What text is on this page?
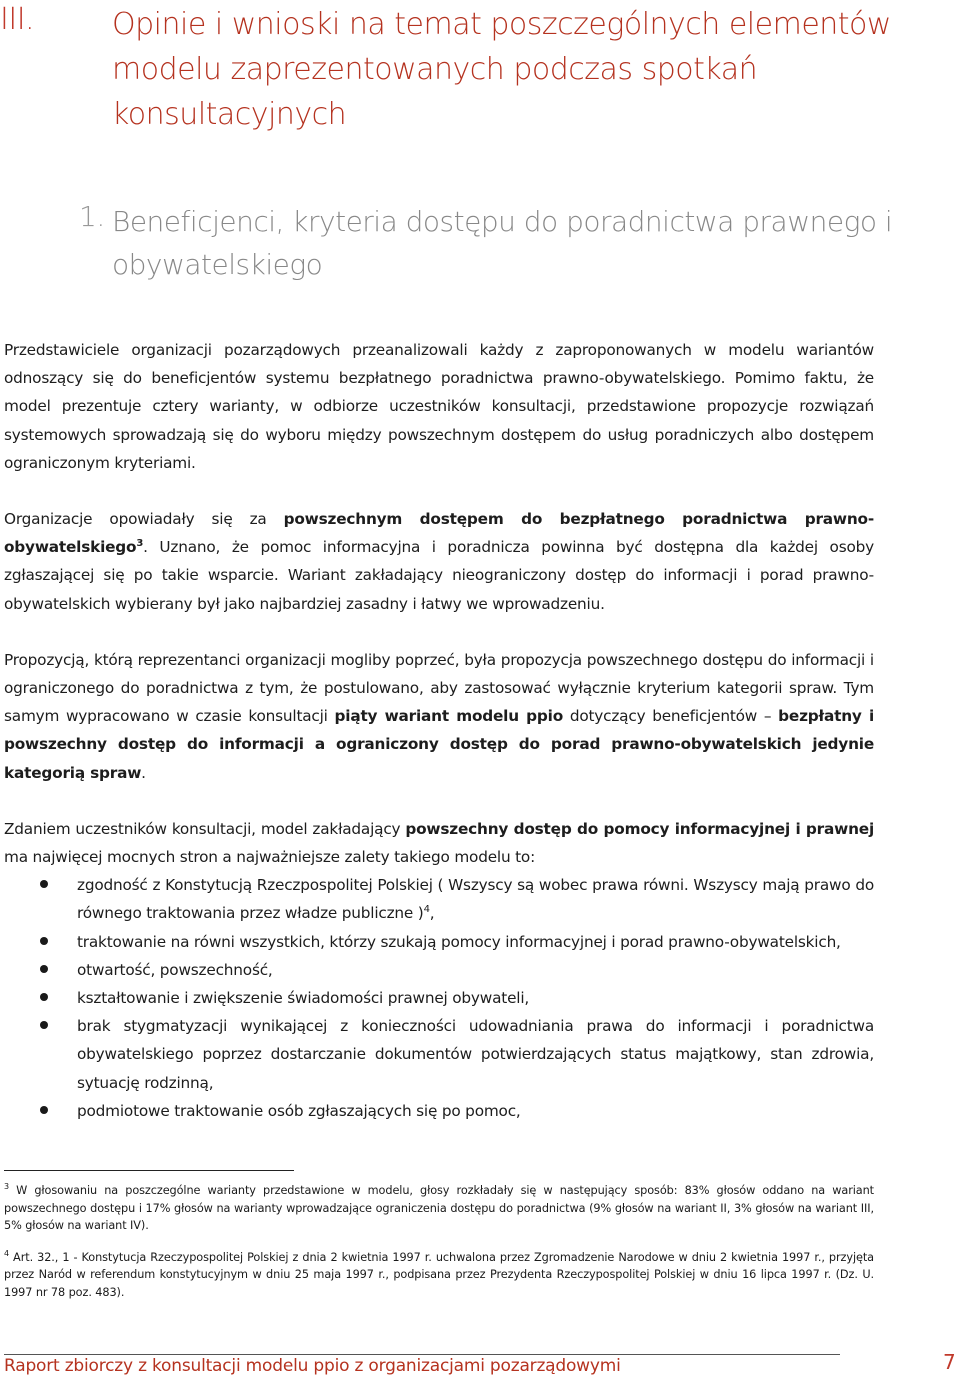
III.	Opinie i wnioski na temat poszczególnych elementów modelu zaprezentowanych podczas spotkań konsultacyjnych
1. Beneficjenci, kryteria dostępu do poradnictwa prawnego i obywatelskiego

Przedstawiciele organizacji pozarządowych przeanalizowali każdy z zaproponowanych w modelu wariantów odnoszący się do beneficjentów systemu bezpłatnego poradnictwa prawno-obywatelskiego. Pomimo faktu, że model prezentuje cztery warianty, w odbiorze uczestników konsultacji, przedstawione propozycje rozwiązań systemowych sprowadzają się do wyboru między powszechnym dostępem do usług poradniczych albo dostępem ograniczonym kryteriami.

Organizacje opowiadały się za powszechnym dostępem do bezpłatnego poradnictwa prawno-obywatelskiego$^3$. Uznano, że pomoc informacyjna i poradnicza powinna być dostępna dla każdej osoby zgłaszającej się po takie wsparcie. Wariant zakładający nieograniczony dostęp do informacji i porad prawno-obywatelskich wybierany był jako najbardziej zasadny i łatwy we wprowadzeniu.

Propozycją, którą reprezentanci organizacji mogliby poprzeć, była propozycja powszechnego dostępu do informacji i ograniczonego do poradnictwa z tym, że postulowano, aby zastosować wyłącznie kryterium kategorii spraw. Tym samym wypracowano w czasie konsultacji piąty wariant modelu ppio dotyczący beneficjentów – bezpłatny i powszechny dostęp do informacji a ograniczony dostęp do porad prawno-obywatelskich jedynie kategorią spraw.

Zdaniem uczestników konsultacji, model zakładający powszechny dostęp do pomocy informacyjnej i prawnej ma najwięcej mocnych stron a najważniejsze zalety takiego modelu to:

zgodność z Konstytucją Rzeczpospolitej Polskiej ( Wszyscy są wobec prawa równi. Wszyscy mają prawo do równego traktowania przez władze publiczne )$^4$,
traktowanie na równi wszystkich, którzy szukają pomocy informacyjnej i porad prawno-obywatelskich,
otwartość, powszechność,
kształtowanie i zwiększenie świadomości prawnej obywateli,
brak stygmatyzacji wynikającej z konieczności udowadniania prawa do informacji i poradnictwa obywatelskiego poprzez dostarczanie dokumentów potwierdzających status majątkowy, stan zdrowia, sytuację rodzinną,
podmiotowe traktowanie osób zgłaszających się po pomoc,

$^3$ W głosowaniu na poszczególne warianty przedstawione w modelu, głosy rozkładały się w następujący sposób: 83% głosów oddano na wariant powszechnego dostępu i 17% głosów na warianty wprowadzające ograniczenia dostępu do poradnictwa (9% głosów na wariant II, 3% głosów na wariant III, 5% głosów na wariant IV).

$^4$ Art. 32., 1 - Konstytucja Rzeczypospolitej Polskiej z dnia 2 kwietnia 1997 r. uchwalona przez Zgromadzenie Narodowe w dniu 2 kwietnia 1997 r., przyjęta przez Naród w referendum konstytucyjnym w dniu 25 maja 1997 r., podpisana przez Prezydenta Rzeczypospolitej Polskiej w dniu 16 lipca 1997 r. (Dz. U. 1997 nr 78 poz. 483).

Raport zbiorczy z konsultacji modelu ppio z organizacjami pozarządowymi	7
